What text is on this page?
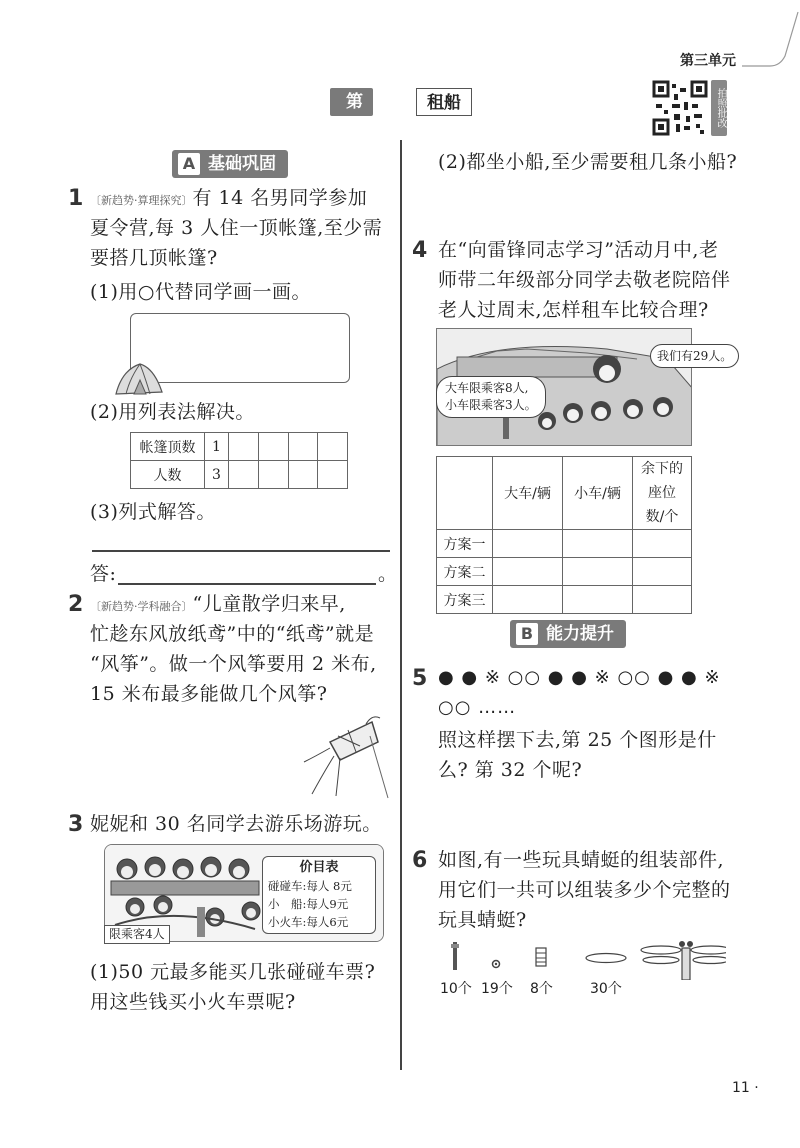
第三单元
第4节
租船	拍照批改
A 基础巩固
1 〔新趋势·算理探究〕有 14 名男同学参加
夏令营,每 3 人住一顶帐篷,至少需
要搭几顶帐篷?
(1)用○代替同学画一画。
(2)用列表法解决。
帐篷顶数	1				
人数	3				
(3)列式解答。
答:	。
2 〔新趋势·学科融合〕“儿童散学归来早,
忙趁东风放纸鸢”中的“纸鸢”就是
“风筝”。做一个风筝要用 2 米布,
15 米布最多能做几个风筝?
3 妮妮和 30 名同学去游乐场游玩。
价目表
碰碰车:每人 8元
小　船:每人9元
小火车:每人6元
限乘客4人
(1)50 元最多能买几张碰碰车票?
用这些钱买小火车票呢?
(2)都坐小船,至少需要租几条小船?
4 在“向雷锋同志学习”活动月中,老
师带二年级部分同学去敬老院陪伴
老人过周末,怎样租车比较合理?
我们有29人。
大车限乘客8人,
小车限乘客3人。
	大车/辆	小车/辆	余下的座位数/个
方案一			
方案二			
方案三			
B 能力提升
5 ● ● ※ ○○ ● ● ※ ○○ ● ● ※
○○ ……
照这样摆下去,第 25 个图形是什
么? 第 32 个呢?
6 如图,有一些玩具蜻蜓的组装部件,
用它们一共可以组装多少个完整的
玩具蜻蜓?
10个 19个 8个	30个
11 ·
